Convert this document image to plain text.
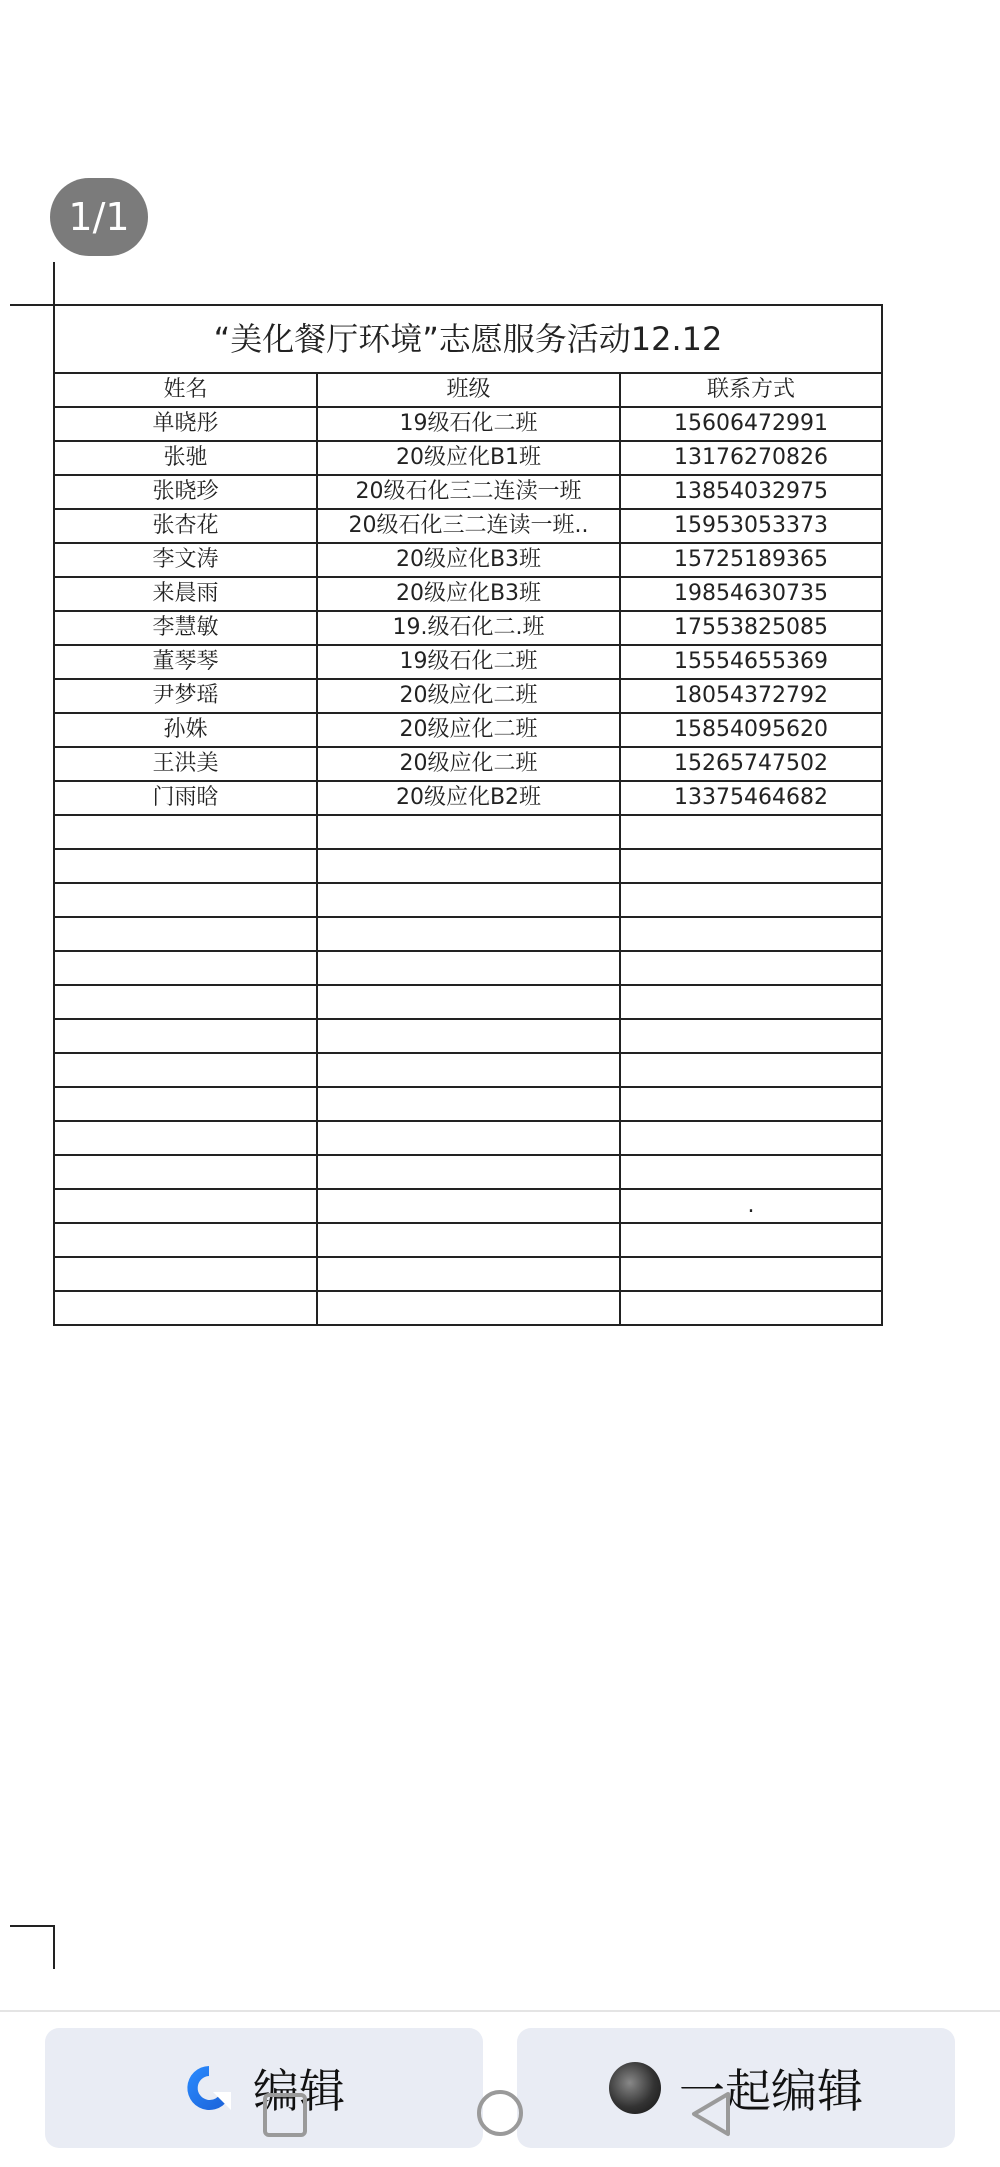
1/1
“美化餐厅环境”志愿服务活动12.12		
姓名	班级	联系方式
单晓彤	19级石化二班	15606472991
张驰	20级应化B1班	13176270826
张晓珍	20级石化三二连渎一班	13854032975
张杏花	20级石化三二连读一班..	15953053373
李文涛	20级应化B3班	15725189365
来晨雨	20级应化B3班	19854630735
李慧敏	19.级石化二.班	17553825085
董琴琴	19级石化二班	15554655369
尹梦瑶	20级应化二班	18054372792
孙姝	20级应化二班	15854095620
王洪美	20级应化二班	15265747502
门雨晗	20级应化B2班	13375464682

		.

编辑	一起编辑
